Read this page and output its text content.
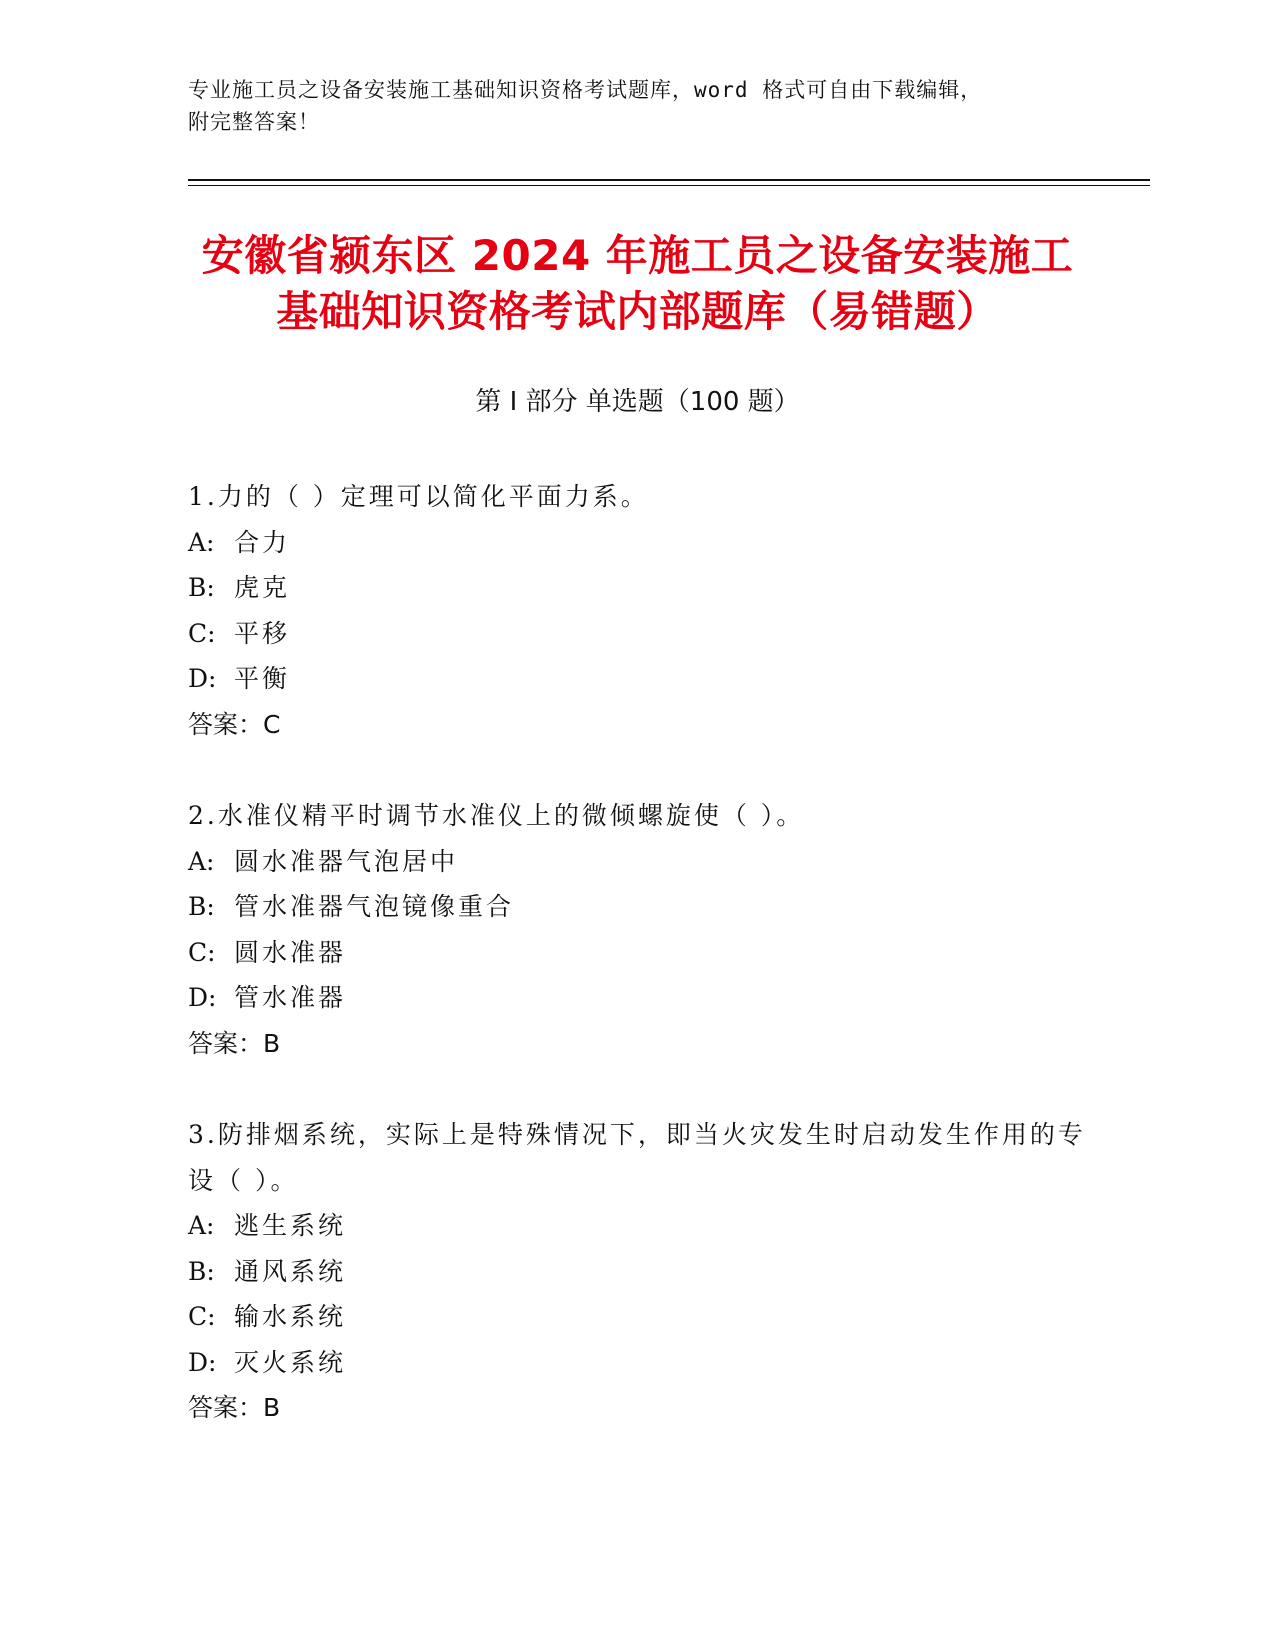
专业施工员之设备安装施工基础知识资格考试题库，word 格式可自由下载编辑，
附完整答案！
安徽省颍东区 2024 年施工员之设备安装施工
基础知识资格考试内部题库（易错题）
第 I 部分 单选题（100 题）
1.力的（ ）定理可以简化平面力系。
A: 合力
B: 虎克
C: 平移
D: 平衡
答案：C
2.水准仪精平时调节水准仪上的微倾螺旋使（ ）。
A: 圆水准器气泡居中
B: 管水准器气泡镜像重合
C: 圆水准器
D: 管水准器
答案：B
3.防排烟系统，实际上是特殊情况下，即当火灾发生时启动发生作用的专设（ ）。
A: 逃生系统
B: 通风系统
C: 输水系统
D: 灭火系统
答案：B
